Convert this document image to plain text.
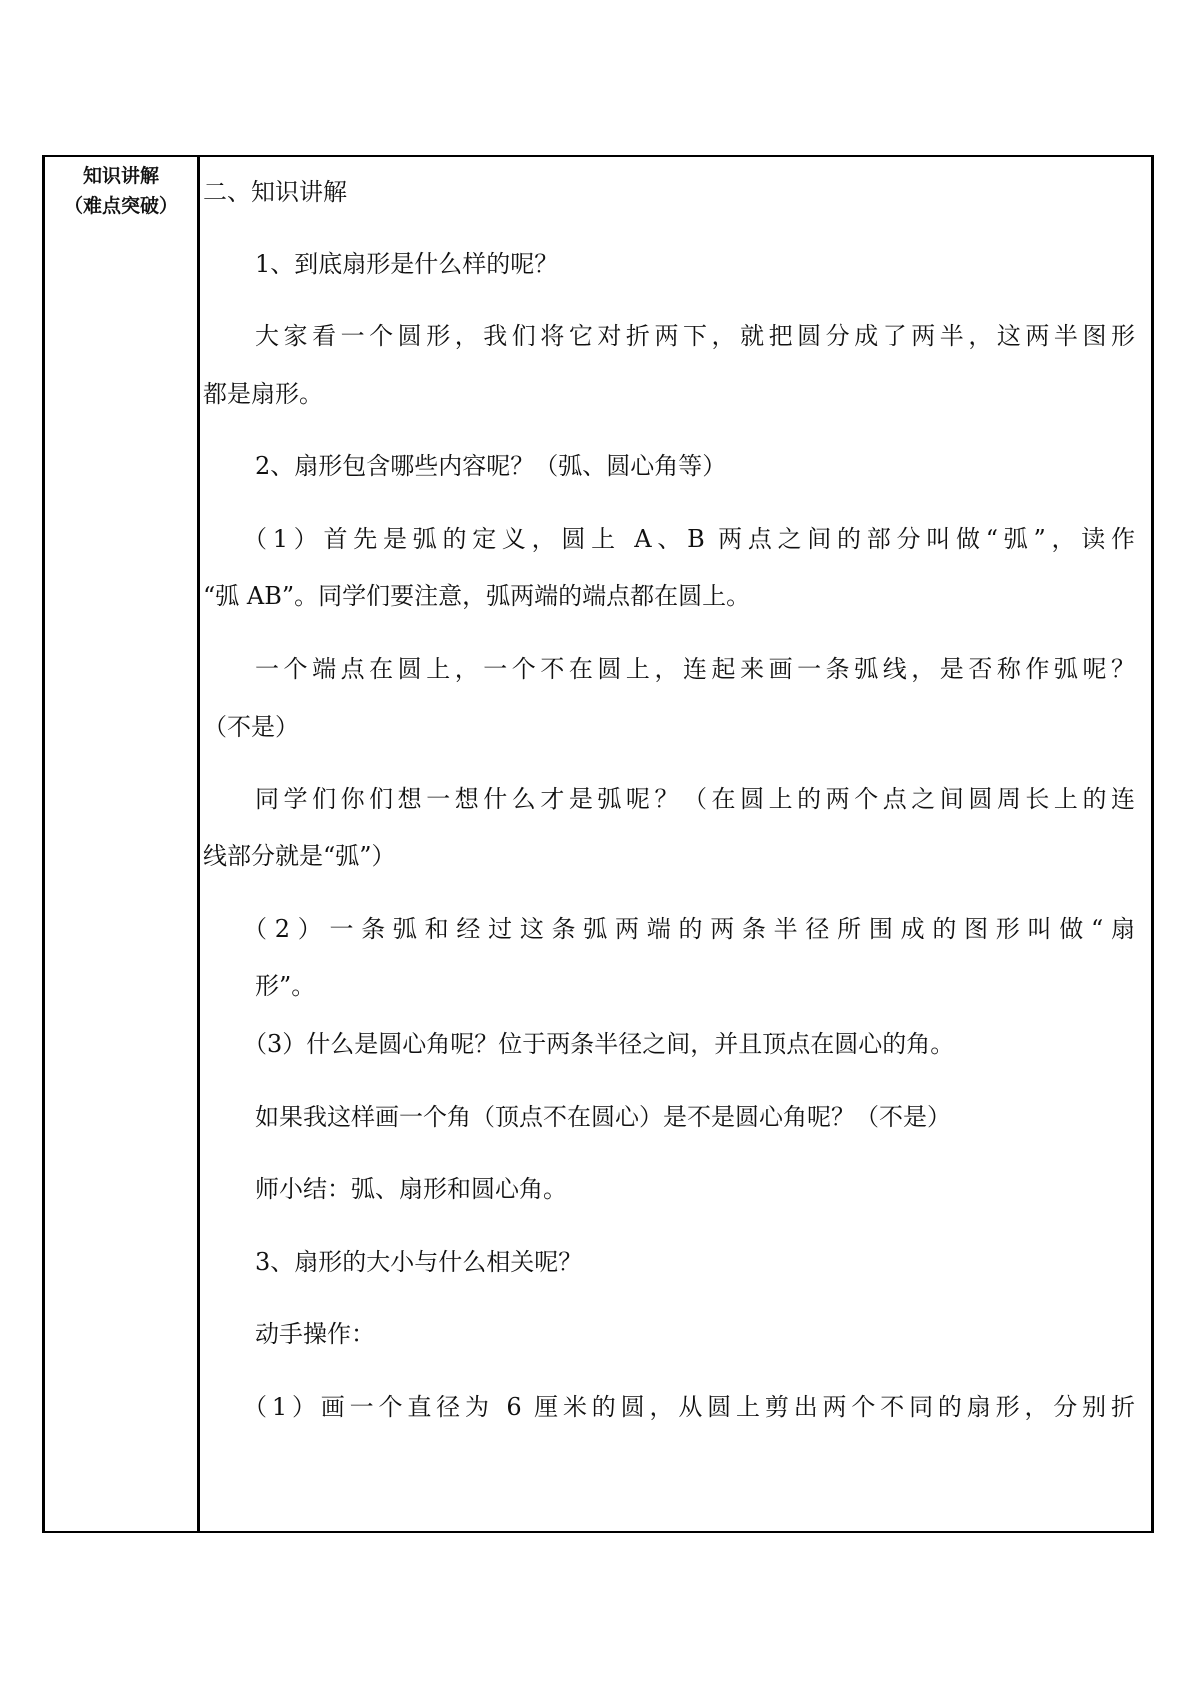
知识讲解
（难点突破）	二、知识讲解
1、到底扇形是什么样的呢？
大家看一个圆形，我们将它对折两下，就把圆分成了两半，这两半图形
都是扇形。
2、扇形包含哪些内容呢？（弧、圆心角等）
（1）首先是弧的定义，圆上 A、B 两点之间的部分叫做“弧”，读作
“弧 AB”。同学们要注意，弧两端的端点都在圆上。
一个端点在圆上，一个不在圆上，连起来画一条弧线，是否称作弧呢？
（不是）
同学们你们想一想什么才是弧呢？（在圆上的两个点之间圆周长上的连
线部分就是“弧”）
（2）一条弧和经过这条弧两端的两条半径所围成的图形叫做“扇
形”。
（3）什么是圆心角呢？位于两条半径之间，并且顶点在圆心的角。
如果我这样画一个角（顶点不在圆心）是不是圆心角呢？（不是）
师小结：弧、扇形和圆心角。
3、扇形的大小与什么相关呢？
动手操作：
（1）画一个直径为 6 厘米的圆，从圆上剪出两个不同的扇形，分别折
